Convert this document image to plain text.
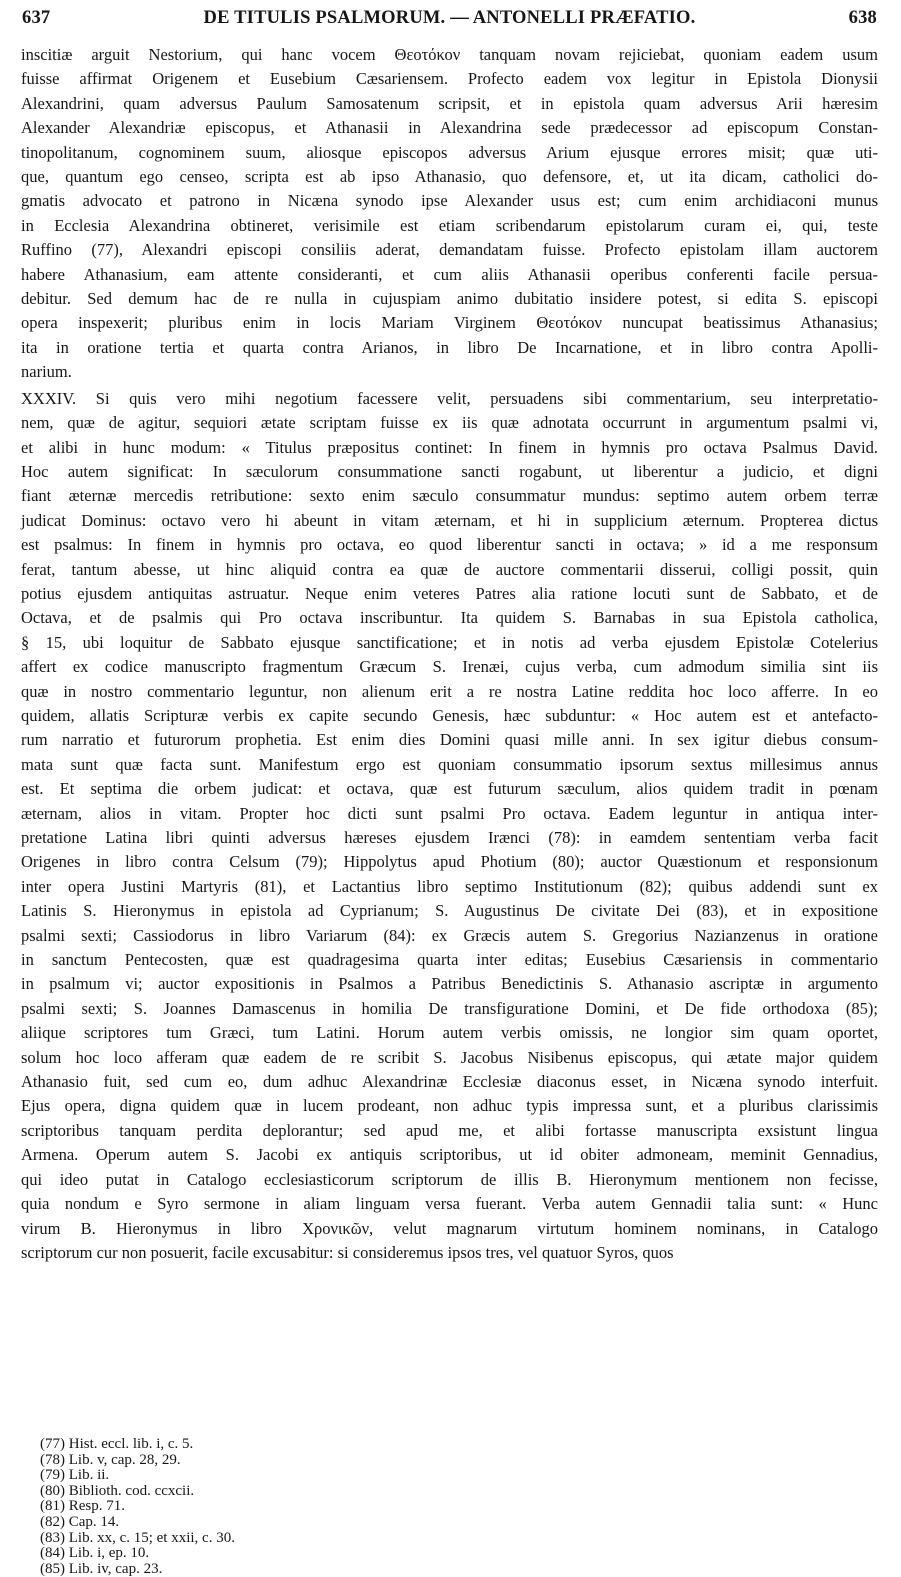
637	DE TITULIS PSALMORUM. — ANTONELLI PRÆFATIO.	638
inscitiæ arguit Nestorium, qui hanc vocem Θεοτόκον tanquam novam rejiciebat, quoniam eadem usum
fuisse affirmat Origenem et Eusebium Cæsariensem. Profecto eadem vox legitur in Epistola Dionysii
Alexandrini, quam adversus Paulum Samosatenum scripsit, et in epistola quam adversus Arii hæresim
Alexander Alexandriæ episcopus, et Athanasii in Alexandrina sede prædecessor ad episcopum Constan-
tinopolitanum, cognominem suum, aliosque episcopos adversus Arium ejusque errores misit; quæ uti-
que, quantum ego censeo, scripta est ab ipso Athanasio, quo defensore, et, ut ita dicam, catholici do-
gmatis advocato et patrono in Nicæna synodo ipse Alexander usus est; cum enim archidiaconi munus
in Ecclesia Alexandrina obtineret, verisimile est etiam scribendarum epistolarum curam ei, qui, teste
Ruffino (77), Alexandri episcopi consiliis aderat, demandatam fuisse. Profecto epistolam illam auctorem
habere Athanasium, eam attente consideranti, et cum aliis Athanasii operibus conferenti facile persua-
debitur. Sed demum hac de re nulla in cujuspiam animo dubitatio insidere potest, si edita S. episcopi
opera inspexerit; pluribus enim in locis Mariam Virginem Θεοτόκον nuncupat beatissimus Athanasius;
ita in oratione tertia et quarta contra Arianos, in libro De Incarnatione, et in libro contra Apolli-
narium.
XXXIV. Si quis vero mihi negotium facessere velit, persuadens sibi commentarium, seu interpretatio-
nem, quæ de agitur, sequiori ætate scriptam fuisse ex iis quæ adnotata occurrunt in argumentum psalmi vi,
et alibi in hunc modum: « Titulus præpositus continet: In finem in hymnis pro octava Psalmus David.
Hoc autem significat: In sæculorum consummatione sancti rogabunt, ut liberentur a judicio, et digni
fiant æternæ mercedis retributione: sexto enim sæculo consummatur mundus: septimo autem orbem terræ
judicat Dominus: octavo vero hi abeunt in vitam æternam, et hi in supplicium æternum. Propterea dictus
est psalmus: In finem in hymnis pro octava, eo quod liberentur sancti in octava; » id a me responsum
ferat, tantum abesse, ut hinc aliquid contra ea quæ de auctore commentarii disserui, colligi possit, quin
potius ejusdem antiquitas astruatur. Neque enim veteres Patres alia ratione locuti sunt de Sabbato, et de
Octava, et de psalmis qui Pro octava inscribuntur. Ita quidem S. Barnabas in sua Epistola catholica,
§ 15, ubi loquitur de Sabbato ejusque sanctificatione; et in notis ad verba ejusdem Epistolæ Cotelerius
affert ex codice manuscripto fragmentum Græcum S. Irenæi, cujus verba, cum admodum similia sint iis
quæ in nostro commentario leguntur, non alienum erit a re nostra Latine reddita hoc loco afferre. In eo
quidem, allatis Scripturæ verbis ex capite secundo Genesis, hæc subduntur: « Hoc autem est et antefacto-
rum narratio et futurorum prophetia. Est enim dies Domini quasi mille anni. In sex igitur diebus consum-
mata sunt quæ facta sunt. Manifestum ergo est quoniam consummatio ipsorum sextus millesimus annus
est. Et septima die orbem judicat: et octava, quæ est futurum sæculum, alios quidem tradit in pœnam
æternam, alios in vitam. Propter hoc dicti sunt psalmi Pro octava. Eadem leguntur in antiqua inter-
pretatione Latina libri quinti adversus hæreses ejusdem Irænci (78): in eamdem sententiam verba facit
Origenes in libro contra Celsum (79); Hippolytus apud Photium (80); auctor Quæstionum et responsionum
inter opera Justini Martyris (81), et Lactantius libro septimo Institutionum (82); quibus addendi sunt ex
Latinis S. Hieronymus in epistola ad Cyprianum; S. Augustinus De civitate Dei (83), et in expositione
psalmi sexti; Cassiodorus in libro Variarum (84): ex Græcis autem S. Gregorius Nazianzenus in oratione
in sanctum Pentecosten, quæ est quadragesima quarta inter editas; Eusebius Cæsariensis in commentario
in psalmum vi; auctor expositionis in Psalmos a Patribus Benedictinis S. Athanasio ascriptæ in argumento
psalmi sexti; S. Joannes Damascenus in homilia De transfiguratione Domini, et De fide orthodoxa (85);
aliique scriptores tum Græci, tum Latini. Horum autem verbis omissis, ne longior sim quam oportet,
solum hoc loco afferam quæ eadem de re scribit S. Jacobus Nisibenus episcopus, qui ætate major quidem
Athanasio fuit, sed cum eo, dum adhuc Alexandrinæ Ecclesiæ diaconus esset, in Nicæna synodo interfuit.
Ejus opera, digna quidem quæ in lucem prodeant, non adhuc typis impressa sunt, et a pluribus clarissimis
scriptoribus tanquam perdita deplorantur; sed apud me, et alibi fortasse manuscripta exsistunt lingua
Armena. Operum autem S. Jacobi ex antiquis scriptoribus, ut id obiter admoneam, meminit Gennadius,
qui ideo putat in Catalogo ecclesiasticorum scriptorum de illis B. Hieronymum mentionem non fecisse,
quia nondum e Syro sermone in aliam linguam versa fuerant. Verba autem Gennadii talia sunt: « Hunc
virum B. Hieronymus in libro Χρονικῶν, velut magnarum virtutum hominem nominans, in Catalogo
scriptorum cur non posuerit, facile excusabitur: si consideremus ipsos tres, vel quatuor Syros, quos
(77) Hist. eccl. lib. i, c. 5.
(78) Lib. v, cap. 28, 29.
(79) Lib. ii.
(80) Biblioth. cod. ccxcii.
(81) Resp. 71.
(82) Cap. 14.
(83) Lib. xx, c. 15; et xxii, c. 30.
(84) Lib. i, ep. 10.
(85) Lib. iv, cap. 23.
